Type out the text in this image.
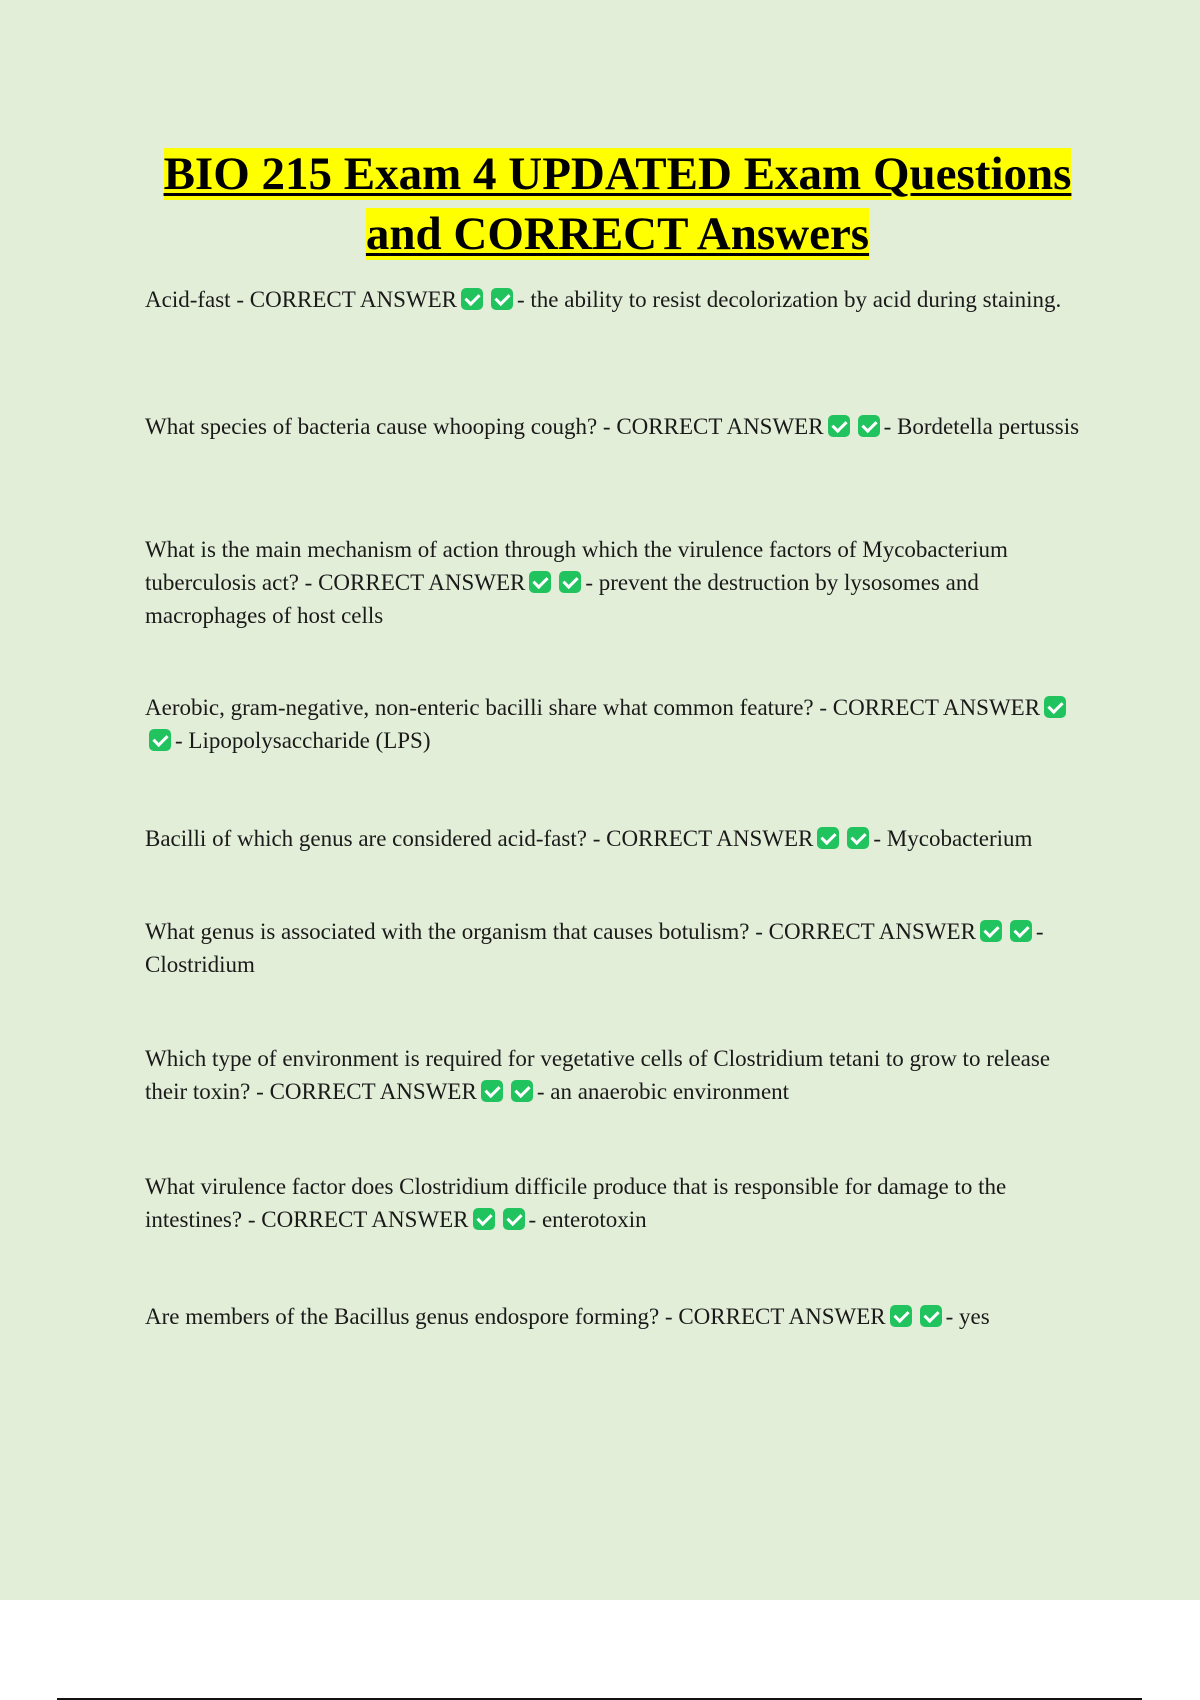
BIO 215 Exam 4 UPDATED Exam Questions and CORRECT Answers

Acid-fast - CORRECT ANSWER	- the ability to resist decolorization by acid during staining.

What species of bacteria cause whooping cough? - CORRECT ANSWER	- Bordetella pertussis

What is the main mechanism of action through which the virulence factors of Mycobacterium tuberculosis act? - CORRECT ANSWER	- prevent the destruction by lysosomes and macrophages of host cells

Aerobic, gram-negative, non-enteric bacilli share what common feature? - CORRECT ANSWER- Lipopolysaccharide (LPS)

Bacilli of which genus are considered acid-fast? - CORRECT ANSWER	- Mycobacterium

What genus is associated with the organism that causes botulism? - CORRECT ANSWER	- Clostridium

Which type of environment is required for vegetative cells of Clostridium tetani to grow to release their toxin? - CORRECT ANSWER	- an anaerobic environment

What virulence factor does Clostridium difficile produce that is responsible for damage to the intestines? - CORRECT ANSWER	- enterotoxin

Are members of the Bacillus genus endospore forming? - CORRECT ANSWER	- yes
